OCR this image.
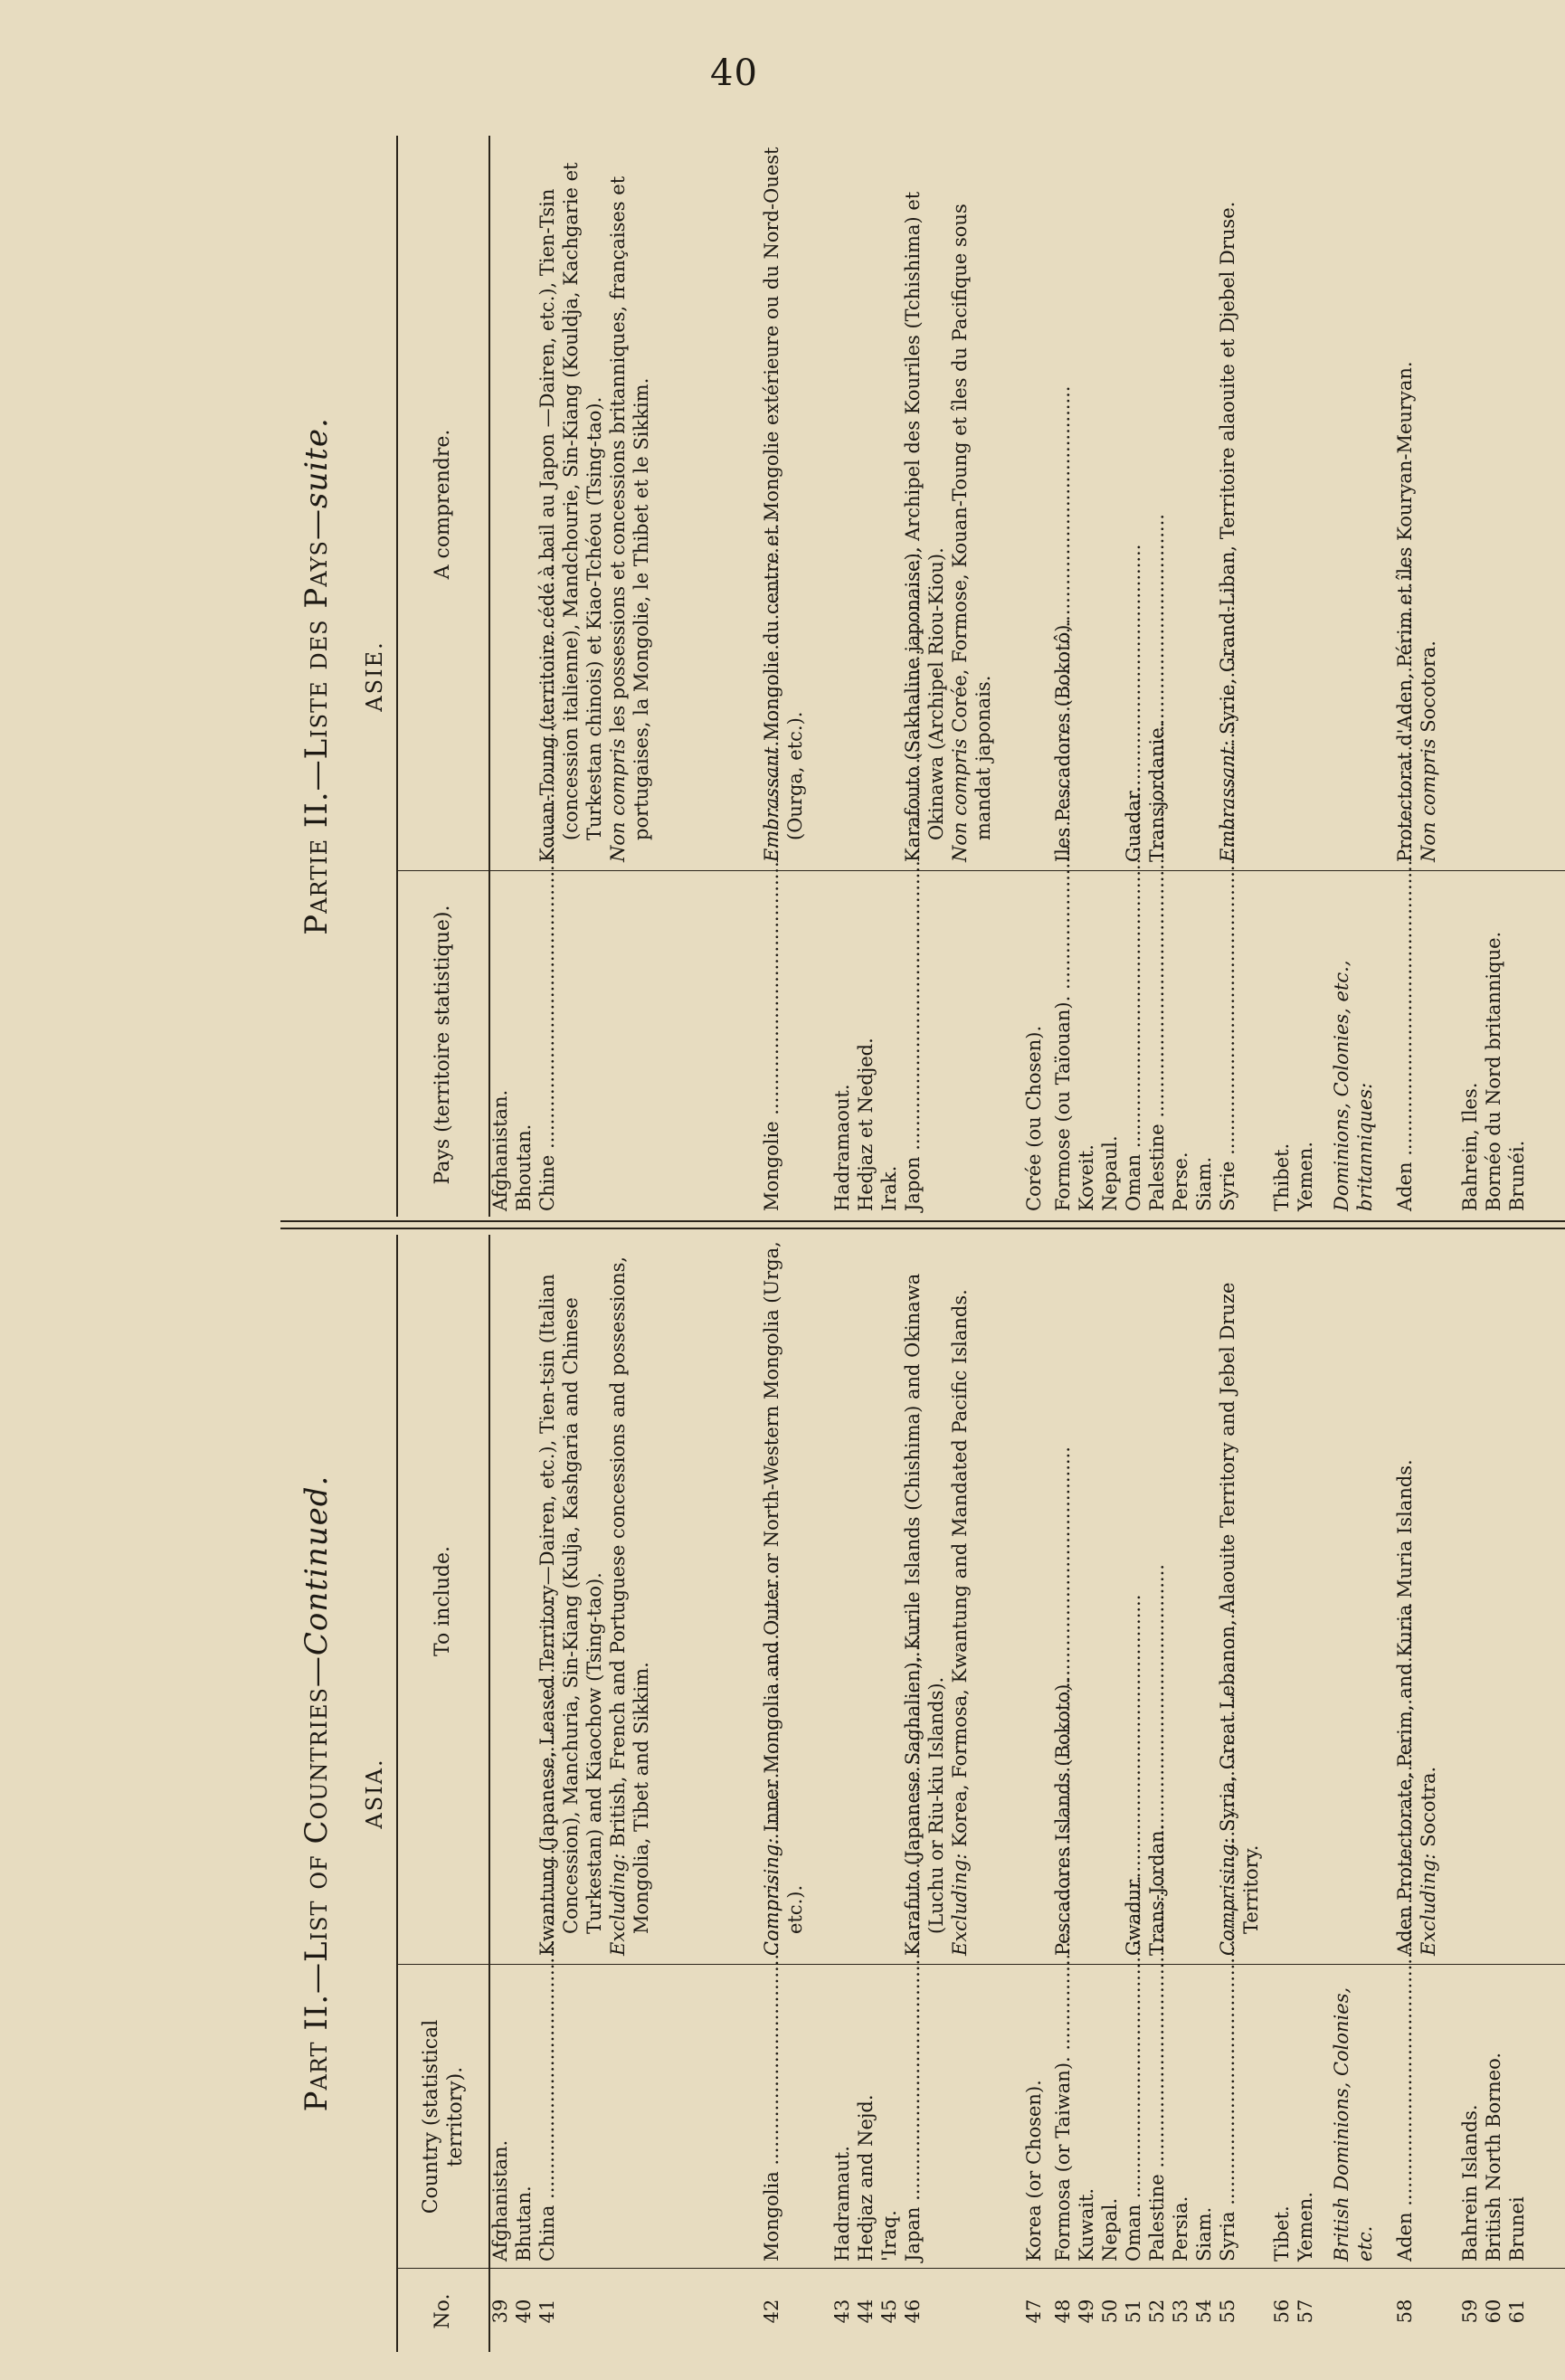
40
Part II.—List of Countries—Continued.
ASIA.
No.
Country (statistical territory).
To include.
39
Afghanistan.
40
Bhutan.
41
China .....
Kwantung (Japanese, Leased Territory—Dairen, etc.), Tien-tsin (Italian Concession), Manchuria, Sin-Kiang (Kulja, Kashgaria and Chinese Turkestan) and Kiaochow (Tsing-tao). Excluding: British, French and Portuguese concessions and possessions, Mongolia, Tibet and Sikkim.
42
Mongolia .....
Comprising: Inner Mongolia and Outer or North-Western Mongolia (Urga, etc.).
43
Hadramaut.
44
Hedjaz and Nejd.
45
'Iraq.
46
Japan .....
Karafuto (Japanese Saghalien), Kurile Islands (Chishima) and Okinawa (Luchu or Riu-kiu Islands). Excluding: Korea, Formosa, Kwantung and Mandated Pacific Islands.
47
Korea (or Chosen).
48
Formosa (or Taiwan). .....
Pescadores Islands (Bokoto).
49
Kuwait.
50
Nepal.
51
Oman .....
Gwadur.
52
Palestine .....
Trans-Jordan.
53
Persia.
54
Siam.
55
Syria .....
Comprising: Syria, Great Lebanon, Alaouite Territory and Jebel Druze Territory.
56
Tibet.
57
Yemen. British Dominions, Colonies, etc.
58
Aden .....
Aden Protectorate, Perim, and Kuria Muria Islands. Excluding: Socotra.
59
Bahrein Islands.
60
British North Borneo.
61
Brunei
Partie II.—Liste des Pays—suite.
ASIE.
Pays (territoire statistique).
A comprendre.
Afghanistan. Bhoutan. Chine .....
Kouan-Toung (territoire cédé à bail au Japon —Dairen, etc.), Tien-Tsin (concession italienne), Mandchourie, Sin-Kiang (Kouldja, Kachgarie et Turkestan chinois) et Kiao-Tchéou (Tsing-tao). Non compris les possessions et concessions britanniques, françaises et portugaises, la Mongolie, le Thibet et le Sikkim.
Mongolie .....
Embrassant Mongolie du centre et Mongolie extérieure ou du Nord-Ouest (Ourga, etc.).
Hadramaout. Hedjaz et Nedjed. Irak. Japon .....
Karafouto (Sakhaline japonaise), Archipel des Kouriles (Tchishima) et Okinawa (Archipel Riou-Kiou). Non compris Corée, Formose, Kouan-Toung et îles du Pacifique sous mandat japonais.
Corée (ou Chosen). Formose (ou Taïouan). .....
Iles Pescadores (Bokotô).
Koveit. Nepaul. Oman .....
Guadar.
Palestine .....
Transjordanie.
Perse. Siam. Syrie .....
Embrassant: Syrie, Grand-Liban, Territoire alaouite et Djebel Druse.
Thibet. Yemen. Dominions, Colonies, etc., britanniques: Aden .....
Protectorat d'Aden, Périm et îles Kouryan-Meuryan. Non compris Socotora.
Bahrein, Iles. Bornéo du Nord britannique. Brunéi.
